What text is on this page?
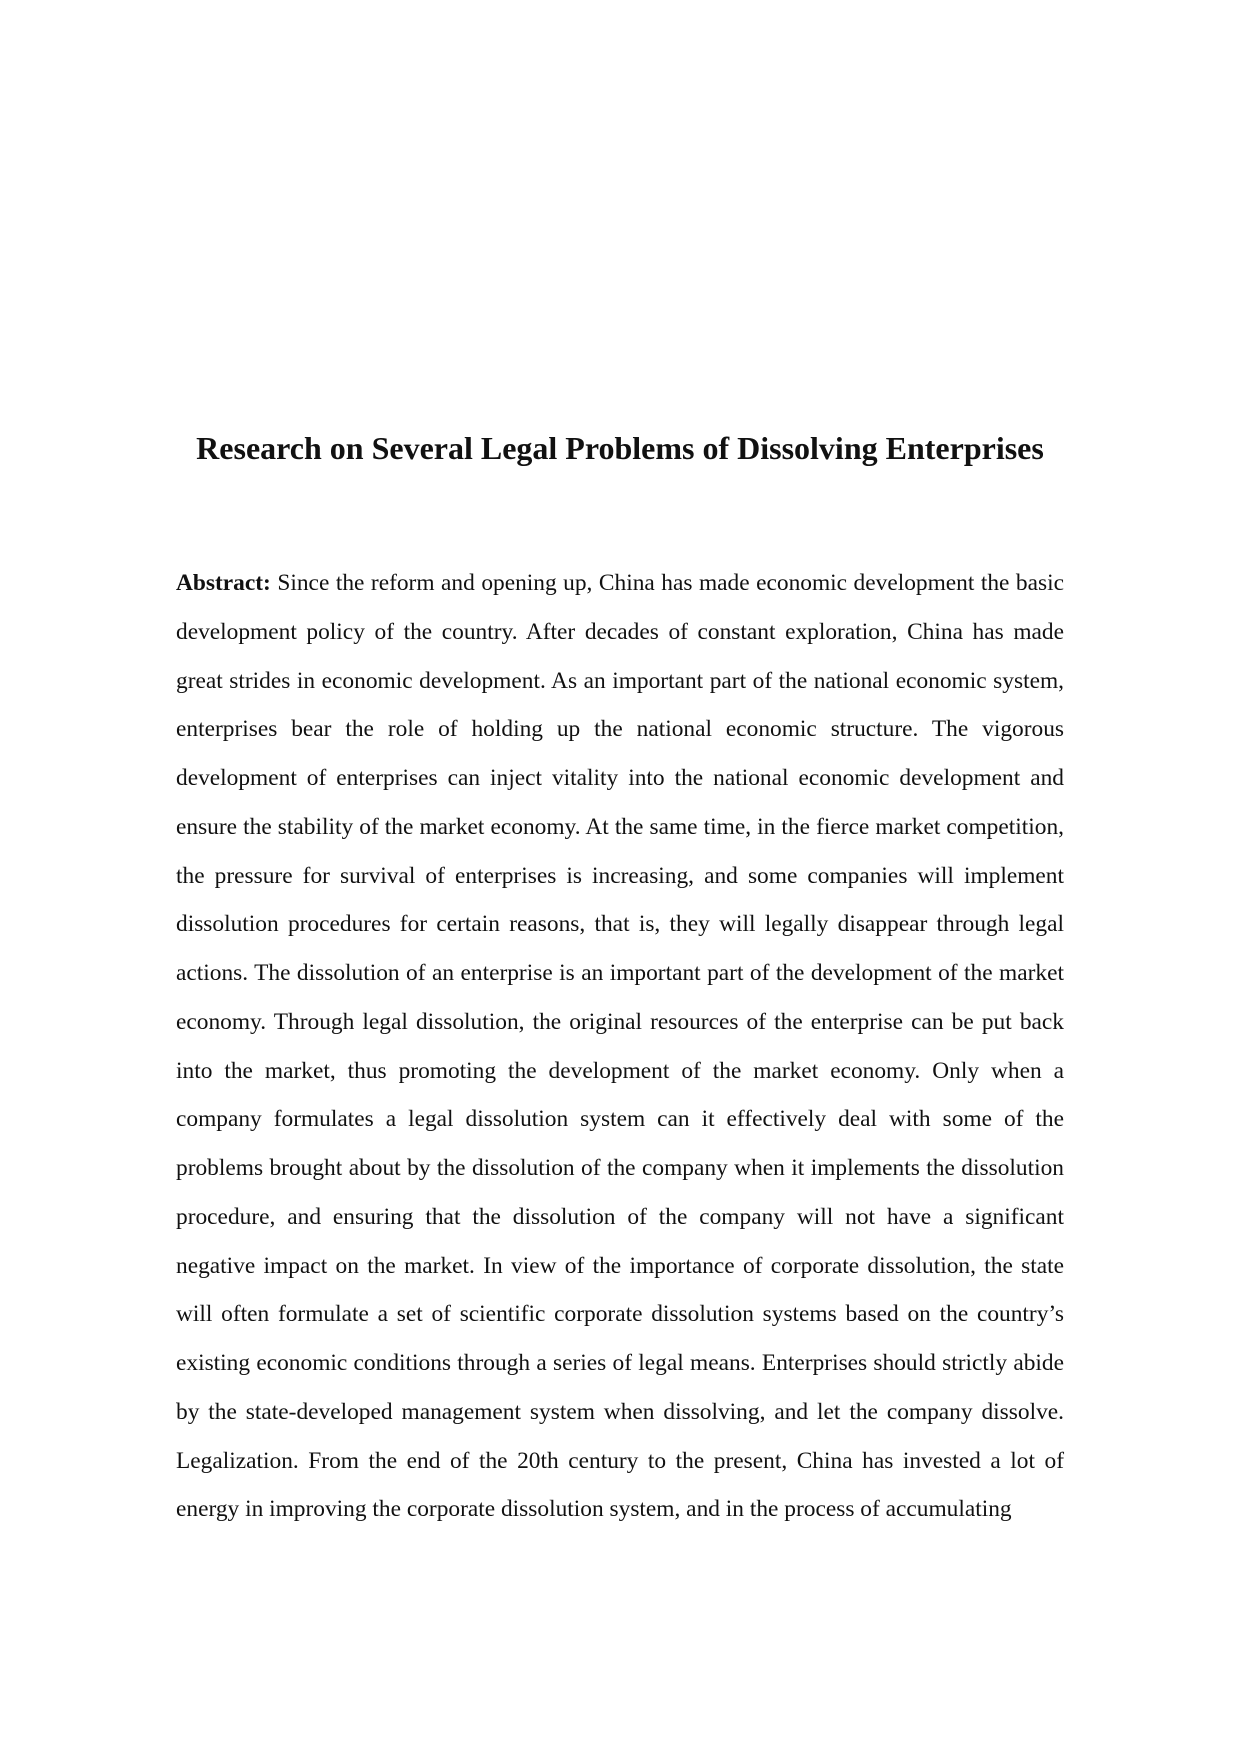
Research on Several Legal Problems of Dissolving Enterprises

Abstract: Since the reform and opening up, China has made economic development the basic development policy of the country. After decades of constant exploration, China has made great strides in economic development. As an important part of the national economic system, enterprises bear the role of holding up the national economic structure. The vigorous development of enterprises can inject vitality into the national economic development and ensure the stability of the market economy. At the same time, in the fierce market competition, the pressure for survival of enterprises is increasing, and some companies will implement dissolution procedures for certain reasons, that is, they will legally disappear through legal actions. The dissolution of an enterprise is an important part of the development of the market economy. Through legal dissolution, the original resources of the enterprise can be put back into the market, thus promoting the development of the market economy. Only when a company formulates a legal dissolution system can it effectively deal with some of the problems brought about by the dissolution of the company when it implements the dissolution procedure, and ensuring that the dissolution of the company will not have a significant negative impact on the market. In view of the importance of corporate dissolution, the state will often formulate a set of scientific corporate dissolution systems based on the country’s existing economic conditions through a series of legal means. Enterprises should strictly abide by the state-developed management system when dissolving, and let the company dissolve. Legalization. From the end of the 20th century to the present, China has invested a lot of energy in improving the corporate dissolution system, and in the process of accumulating
